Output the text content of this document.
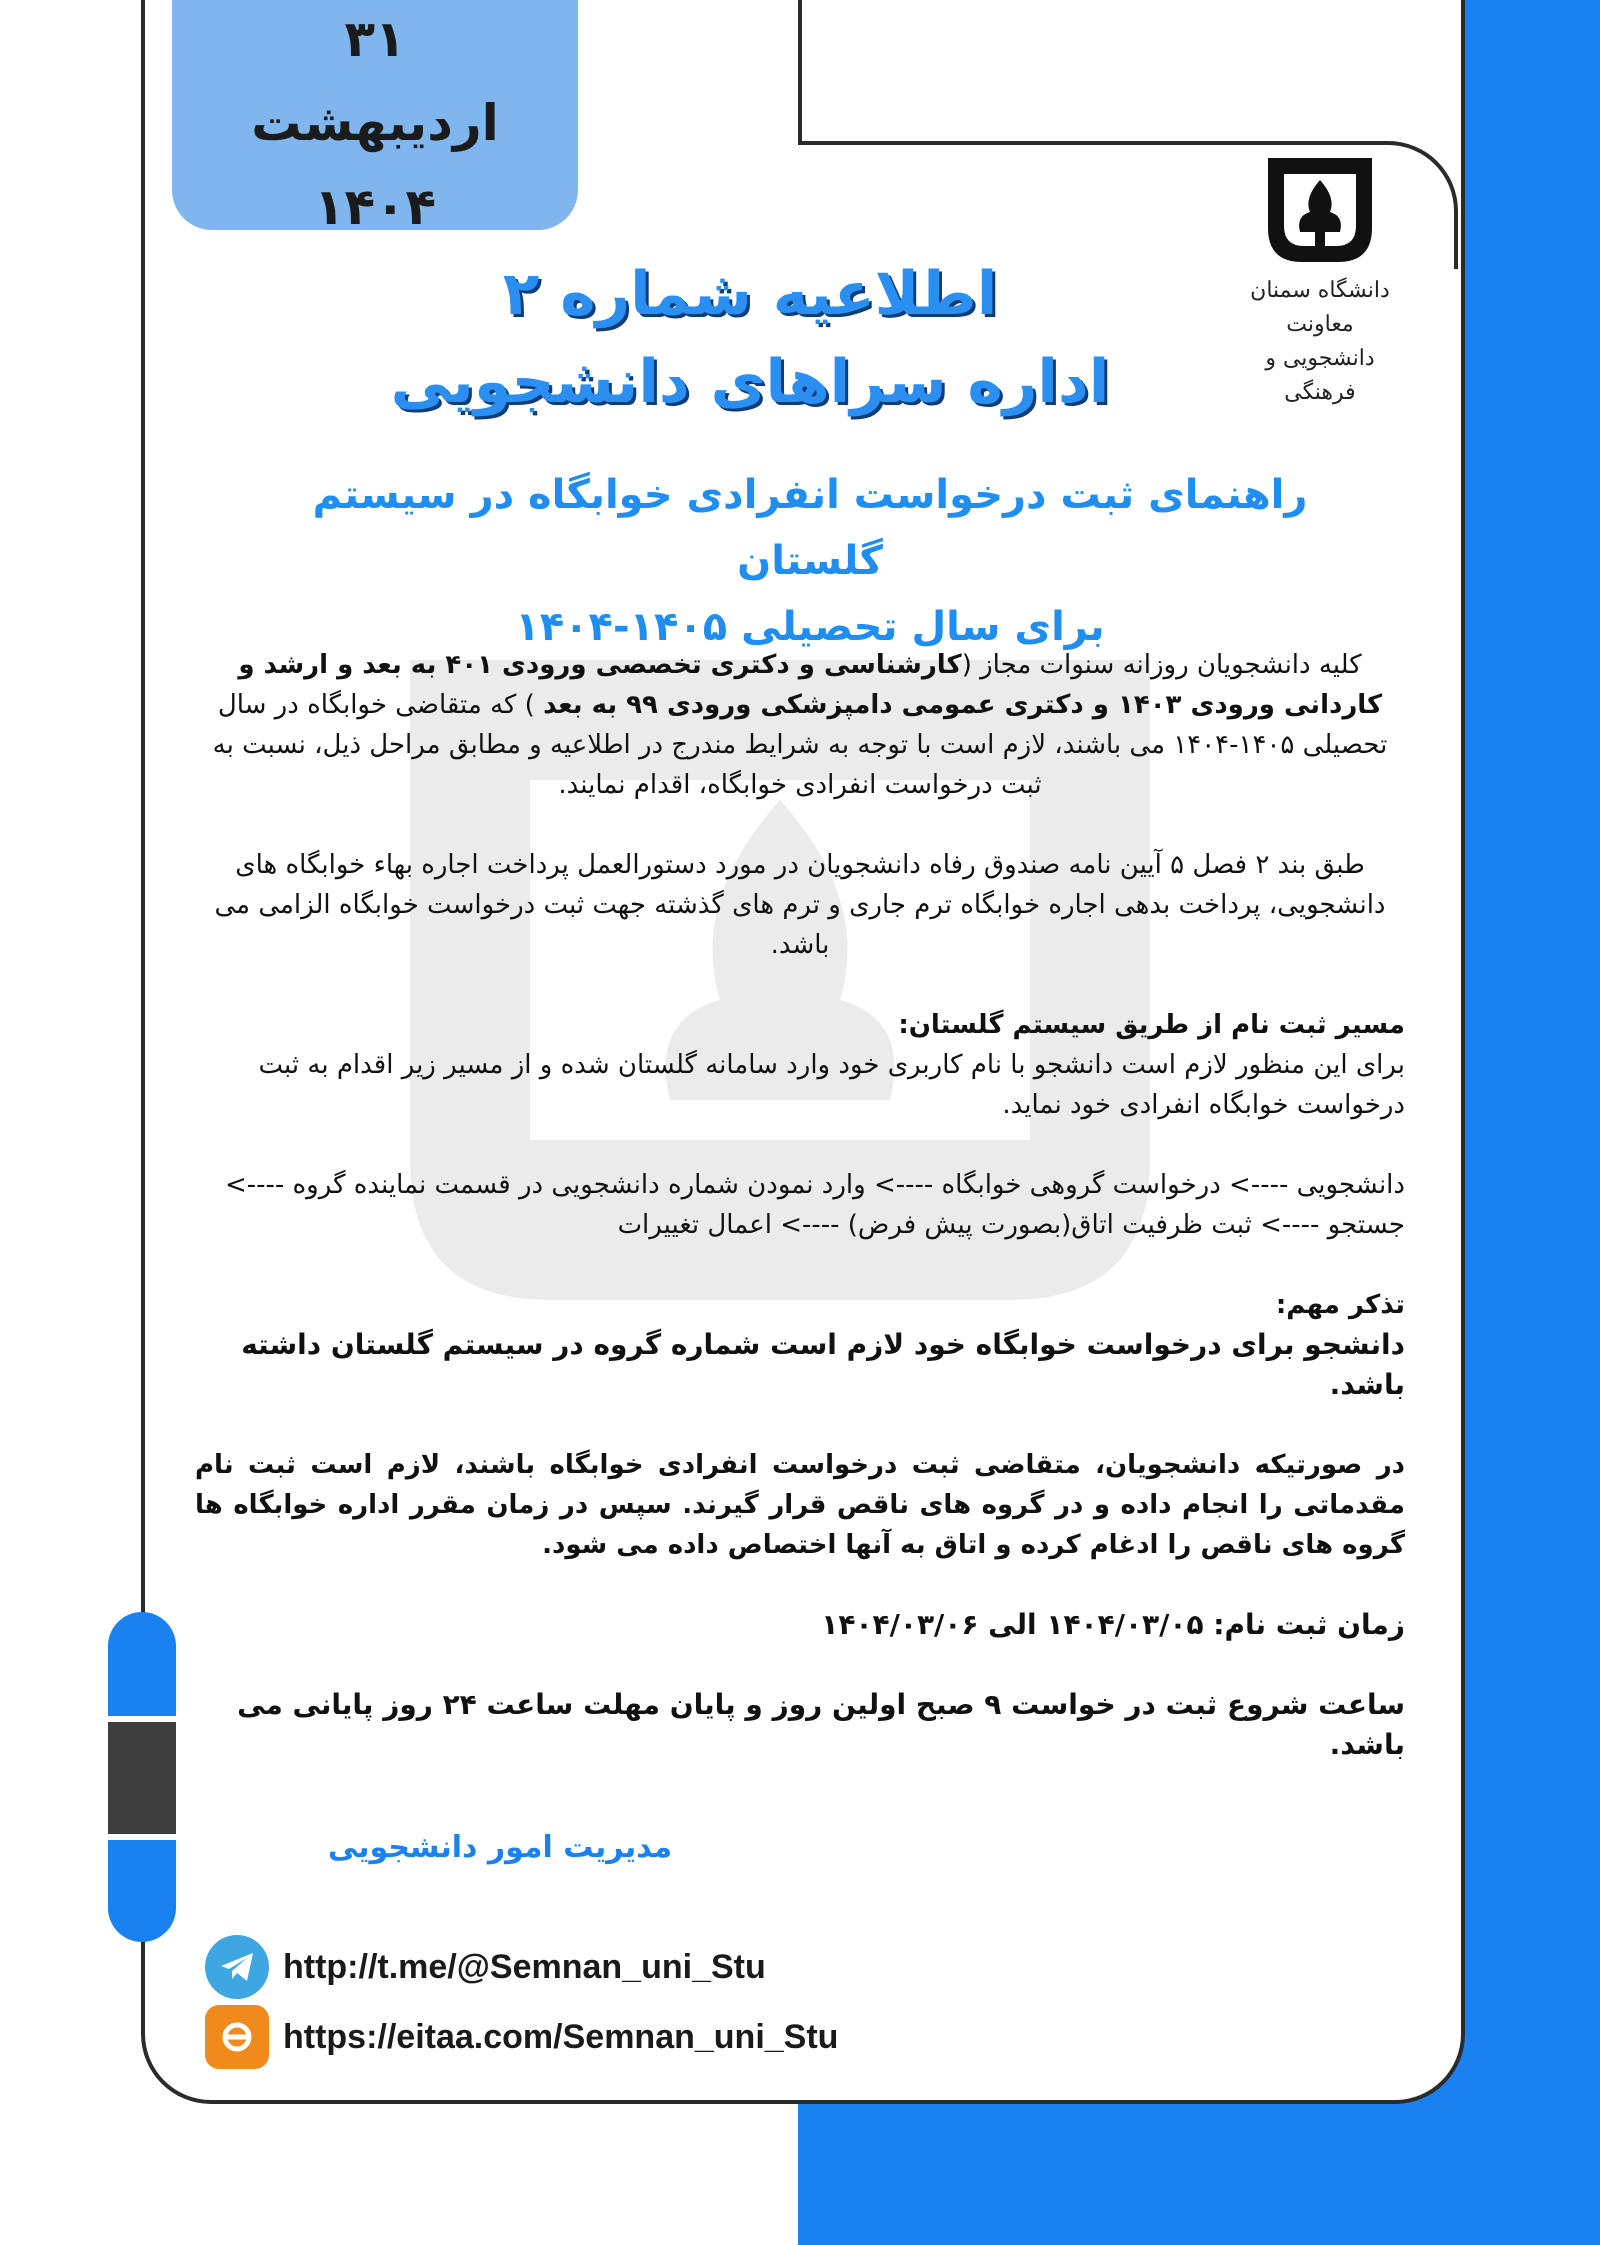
۳۱
اردیبهشت
۱۴۰۴
دانشگاه سمنان
معاونت دانشجویی و فرهنگی
اطلاعیه شماره ۲
اداره سراهای دانشجویی
راهنمای ثبت درخواست انفرادی خوابگاه در سیستم گلستان
برای سال تحصیلی ۱۴۰۵-۱۴۰۴

کلیه دانشجویان روزانه سنوات مجاز (کارشناسی و دکتری تخصصی ورودی ۴۰۱ به بعد و ارشد و کاردانی ورودی ۱۴۰۳ و دکتری عمومی دامپزشکی ورودی ۹۹ به بعد ) که متقاضی خوابگاه در سال تحصیلی ۱۴۰۵-۱۴۰۴ می باشند، لازم است با توجه به شرایط مندرج در اطلاعیه و مطابق مراحل ذیل، نسبت به ثبت درخواست انفرادی خوابگاه، اقدام نمایند.

طبق بند ۲ فصل ۵ آیین نامه صندوق رفاه دانشجویان در مورد دستورالعمل پرداخت اجاره بهاء خوابگاه های دانشجویی، پرداخت بدهی اجاره خوابگاه ترم جاری و ترم های گذشته جهت ثبت درخواست خوابگاه الزامی می باشد.

مسیر ثبت نام از طریق سیستم گلستان:
برای این منظور لازم است دانشجو با نام کاربری خود وارد سامانه گلستان شده و از مسیر زیر اقدام به ثبت درخواست خوابگاه انفرادی خود نماید.

دانشجویی ----> درخواست گروهی خوابگاه ----> وارد نمودن شماره دانشجویی در قسمت نماینده گروه ----> جستجو ----> ثبت ظرفیت اتاق(بصورت پیش فرض) ----> اعمال تغییرات

تذکر مهم:
دانشجو برای درخواست خوابگاه خود لازم است شماره گروه در سیستم گلستان داشته باشد.

در صورتیکه دانشجویان، متقاضی ثبت درخواست انفرادی خوابگاه باشند، لازم است ثبت نام مقدماتی را انجام داده و در گروه های ناقص قرار گیرند. سپس در زمان مقرر اداره خوابگاه ها گروه های ناقص را ادغام کرده و اتاق به آنها اختصاص داده می شود.

زمان ثبت نام: ۱۴۰۴/۰۳/۰۵ الی ۱۴۰۴/۰۳/۰۶

ساعت شروع ثبت در خواست ۹ صبح اولین روز و پایان مهلت ساعت ۲۴ روز پایانی می باشد.

مدیریت امور دانشجویی
http://t.me/@Semnan_uni_Stu
https://eitaa.com/Semnan_uni_Stu
